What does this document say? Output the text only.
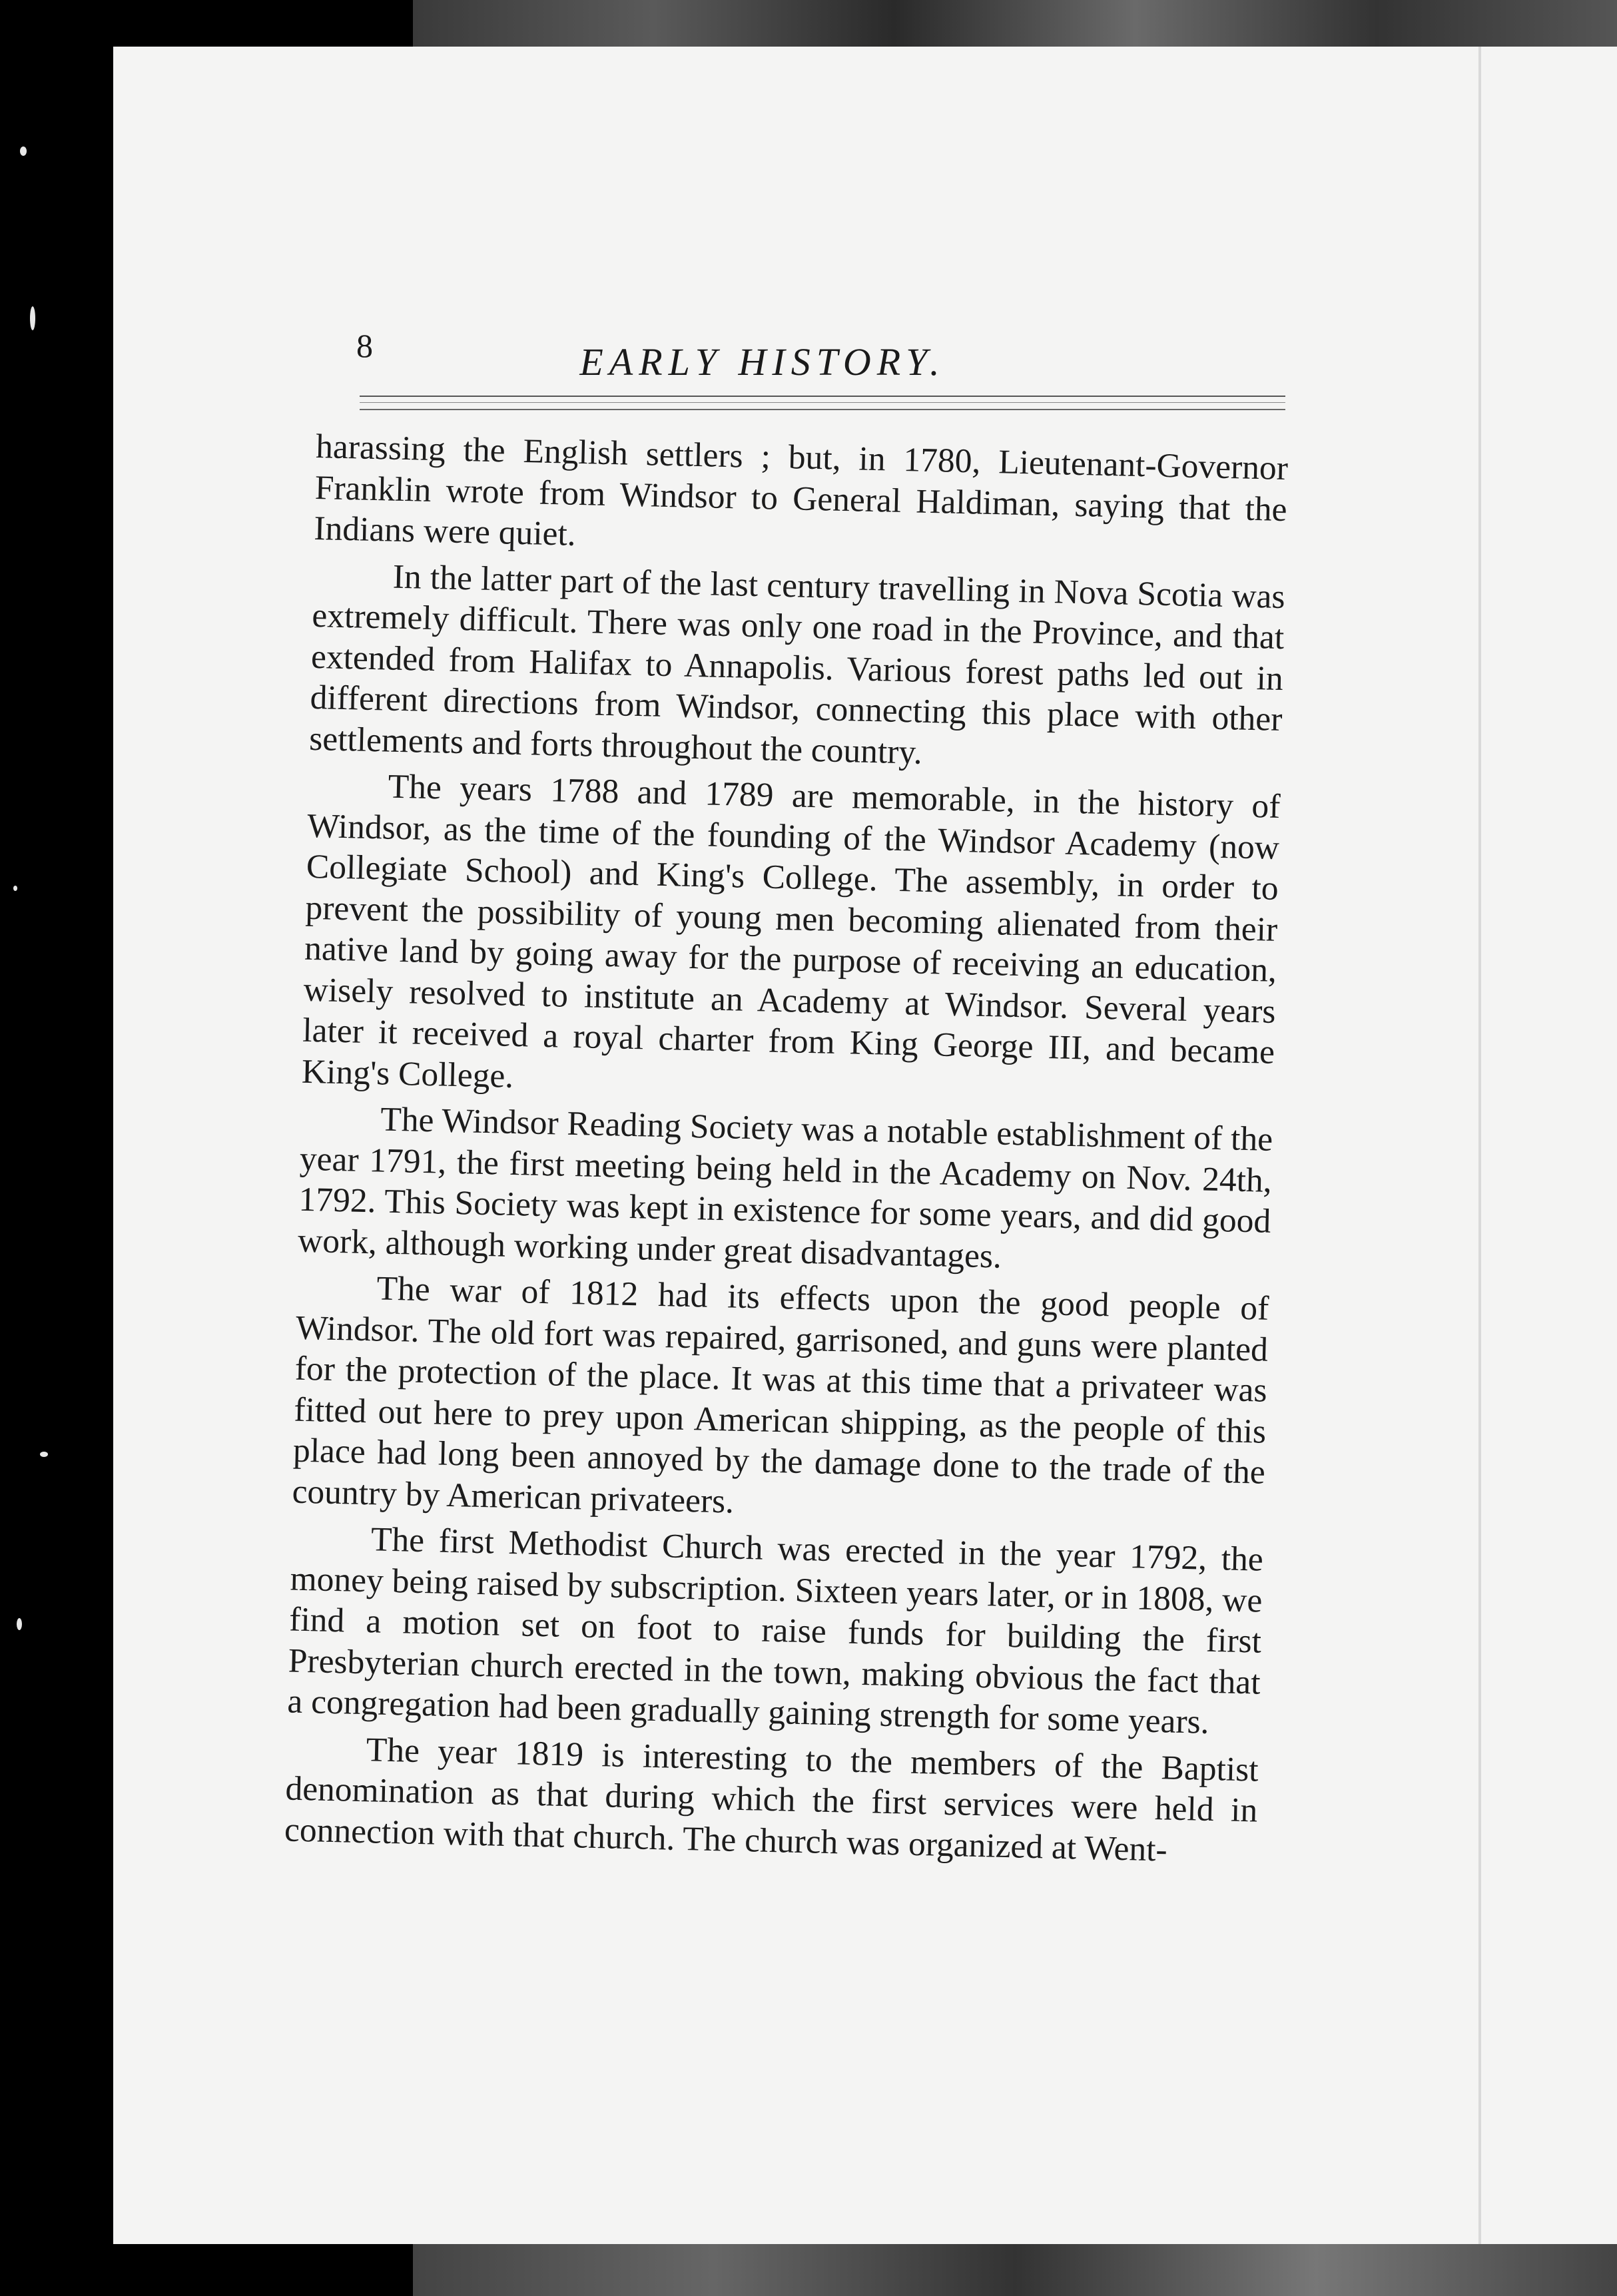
8	EARLY HISTORY.

harassing the English settlers ; but, in 1780, Lieutenant-Governor Franklin wrote from Windsor to General Haldiman, saying that the Indians were quiet.

In the latter part of the last century travelling in Nova Scotia was extremely difficult. There was only one road in the Province, and that extended from Halifax to Annapolis. Various forest paths led out in different directions from Windsor, connecting this place with other settlements and forts throughout the country.

The years 1788 and 1789 are memorable, in the history of Windsor, as the time of the founding of the Windsor Academy (now Collegiate School) and King's College. The assembly, in order to prevent the possibility of young men becoming alienated from their native land by going away for the purpose of receiving an education, wisely resolved to institute an Academy at Windsor. Several years later it received a royal charter from King George III, and became King's College.

The Windsor Reading Society was a notable establishment of the year 1791, the first meeting being held in the Academy on Nov. 24th, 1792. This Society was kept in existence for some years, and did good work, although working under great disadvantages.

The war of 1812 had its effects upon the good people of Windsor. The old fort was repaired, garrisoned, and guns were planted for the protection of the place. It was at this time that a privateer was fitted out here to prey upon American shipping, as the people of this place had long been annoyed by the damage done to the trade of the country by American privateers.

The first Methodist Church was erected in the year 1792, the money being raised by subscription. Sixteen years later, or in 1808, we find a motion set on foot to raise funds for building the first Presbyterian church erected in the town, making obvious the fact that a congregation had been gradually gaining strength for some years.

The year 1819 is interesting to the members of the Baptist denomination as that during which the first services were held in connection with that church. The church was organized at Went-
